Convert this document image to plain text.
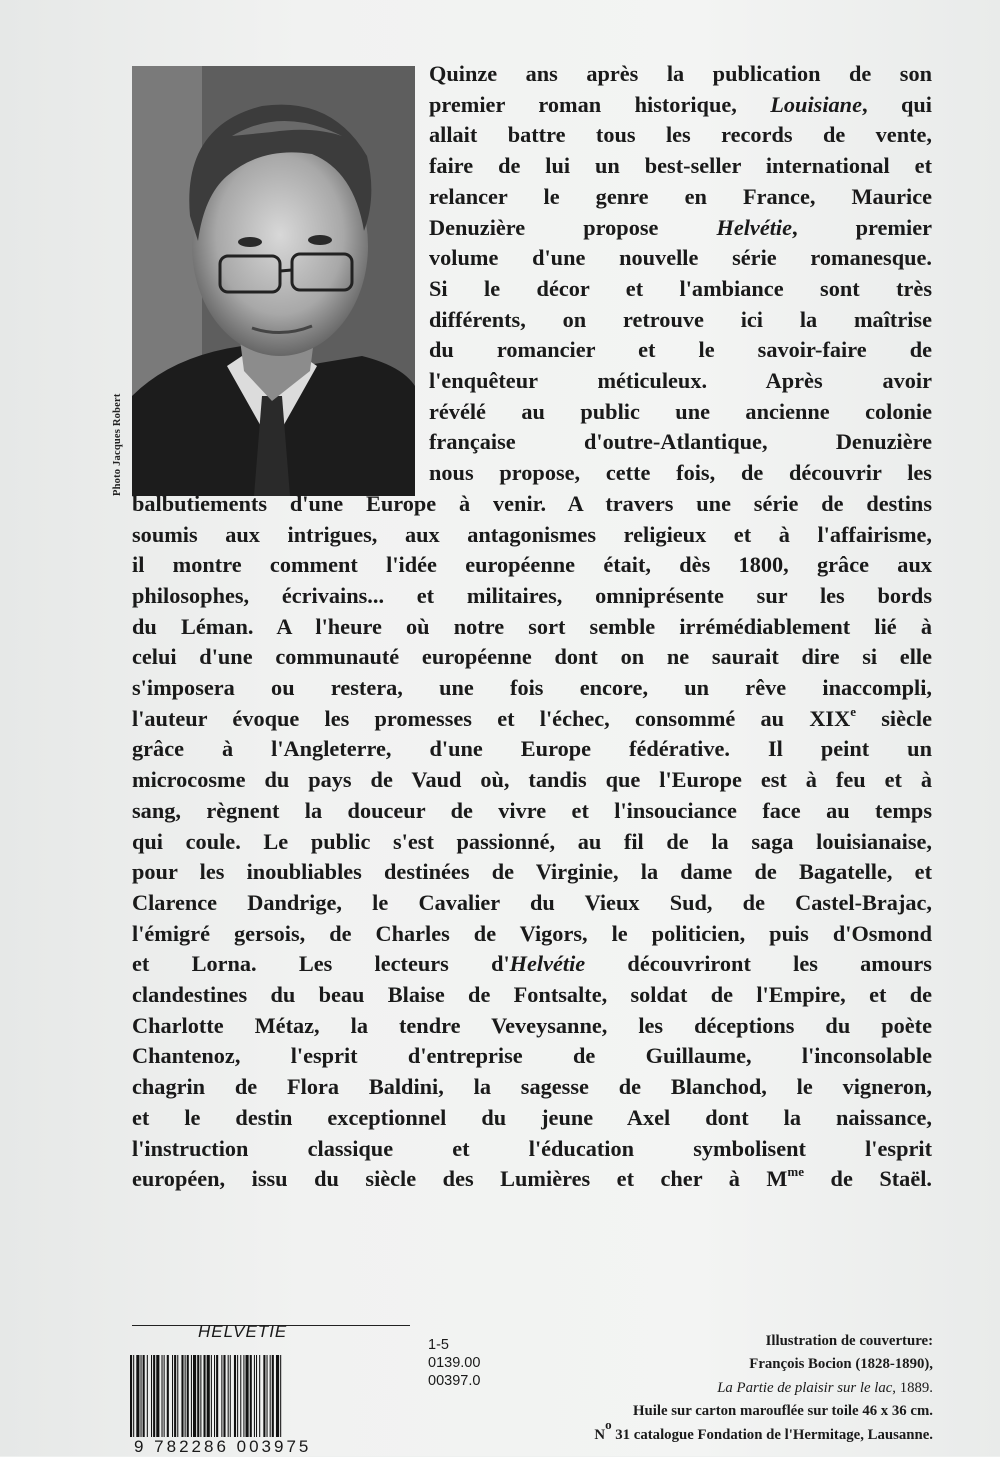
Photo Jacques Robert
Quinze ans après la publication de son
premier roman historique, Louisiane, qui
allait battre tous les records de vente,
faire de lui un best-seller international et
relancer le genre en France, Maurice
Denuzière propose Helvétie, premier
volume d'une nouvelle série romanesque.
Si le décor et l'ambiance sont très
différents, on retrouve ici la maîtrise
du romancier et le savoir-faire de
l'enquêteur méticuleux. Après avoir
révélé au public une ancienne colonie
française d'outre-Atlantique, Denuzière
nous propose, cette fois, de découvrir les
balbutiements d'une Europe à venir. A travers une série de destins
soumis aux intrigues, aux antagonismes religieux et à l'affairisme,
il montre comment l'idée européenne était, dès 1800, grâce aux
philosophes, écrivains... et militaires, omniprésente sur les bords
du Léman. A l'heure où notre sort semble irrémédiablement lié à
celui d'une communauté européenne dont on ne saurait dire si elle
s'imposera ou restera, une fois encore, un rêve inaccompli,
l'auteur évoque les promesses et l'échec, consommé au XIXe siècle
grâce à l'Angleterre, d'une Europe fédérative. Il peint un
microcosme du pays de Vaud où, tandis que l'Europe est à feu et à
sang, règnent la douceur de vivre et l'insouciance face au temps
qui coule. Le public s'est passionné, au fil de la saga louisianaise,
pour les inoubliables destinées de Virginie, la dame de Bagatelle, et
Clarence Dandrige, le Cavalier du Vieux Sud, de Castel-Brajac,
l'émigré gersois, de Charles de Vigors, le politicien, puis d'Osmond
et Lorna. Les lecteurs d'Helvétie découvriront les amours
clandestines du beau Blaise de Fontsalte, soldat de l'Empire, et de
Charlotte Métaz, la tendre Veveysanne, les déceptions du poète
Chantenoz, l'esprit d'entreprise de Guillaume, l'inconsolable
chagrin de Flora Baldini, la sagesse de Blanchod, le vigneron,
et le destin exceptionnel du jeune Axel dont la naissance,
l'instruction classique et l'éducation symbolisent l'esprit
européen, issu du siècle des Lumières et cher à $M^{me}$ de Staël.
HELVETIE
1-5
0139.00
00397.0
9 782286 003975
Illustration de couverture:
François Bocion (1828-1890),
La Partie de plaisir sur le lac, 1889.
Huile sur carton marouflée sur toile 46 x 36 cm.
$N^o$ 31 catalogue Fondation de l'Hermitage, Lausanne.
